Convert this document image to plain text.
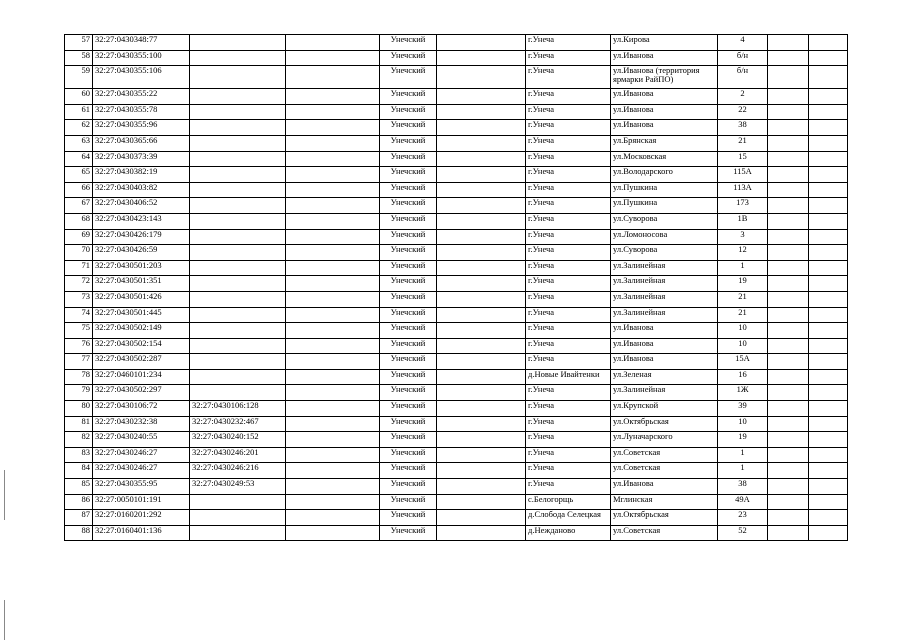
57	32:27:0430348:77			Унечский		г.Унеча	ул.Кирова	4		
58	32:27:0430355:100			Унечский		г.Унеча	ул.Иванова	б/н		
59	32:27:0430355:106			Унечский		г.Унеча	ул.Иванова (территория ярмарки РайПО)	б/н		
60	32:27:0430355:22			Унечский		г.Унеча	ул.Иванова	2		
61	32:27:0430355:78			Унечский		г.Унеча	ул.Иванова	22		
62	32:27:0430355:96			Унечский		г.Унеча	ул.Иванова	38		
63	32:27:0430365:66			Унечский		г.Унеча	ул.Брянская	21		
64	32:27:0430373:39			Унечский		г.Унеча	ул.Московская	15		
65	32:27:0430382:19			Унечский		г.Унеча	ул.Володарского	115А		
66	32:27:0430403:82			Унечский		г.Унеча	ул.Пушкина	113А		
67	32:27:0430406:52			Унечский		г.Унеча	ул.Пушкина	173		
68	32:27:0430423:143			Унечский		г.Унеча	ул.Суворова	1В		
69	32:27:0430426:179			Унечский		г.Унеча	ул.Ломоносова	3		
70	32:27:0430426:59			Унечский		г.Унеча	ул.Суворова	12		
71	32:27:0430501:203			Унечский		г.Унеча	ул.Залинейная	1		
72	32:27:0430501:351			Унечский		г.Унеча	ул.Залинейная	19		
73	32:27:0430501:426			Унечский		г.Унеча	ул.Залинейная	21		
74	32:27:0430501:445			Унечский		г.Унеча	ул.Залинейная	21		
75	32:27:0430502:149			Унечский		г.Унеча	ул.Иванова	10		
76	32:27:0430502:154			Унечский		г.Унеча	ул.Иванова	10		
77	32:27:0430502:287			Унечский		г.Унеча	ул.Иванова	15А		
78	32:27:0460101:234			Унечский		д.Новые Ивайтенки	ул.Зеленая	16		
79	32:27:0430502:297			Унечский		г.Унеча	ул.Залинейная	1Ж		
80	32:27:0430106:72	32:27:0430106:128		Унечский		г.Унеча	ул.Крупской	39		
81	32:27:0430232:38	32:27:0430232:467		Унечский		г.Унеча	ул.Октябрьская	10		
82	32:27:0430240:55	32:27:0430240:152		Унечский		г.Унеча	ул.Луначарского	19		
83	32:27:0430246:27	32:27:0430246:201		Унечский		г.Унеча	ул.Советская	1		
84	32:27:0430246:27	32:27:0430246:216		Унечский		г.Унеча	ул.Советская	1		
85	32:27:0430355:95	32:27:0430249:53		Унечский		г.Унеча	ул.Иванова	38		
86	32:27:0050101:191			Унечский		с.Белогорщь	Мглинская	49А		
87	32:27:0160201:292			Унечский		д.Слобода Селецкая	ул.Октябрьская	23		
88	32:27:0160401:136			Унечский		д.Нежданово	ул.Советская	52		
